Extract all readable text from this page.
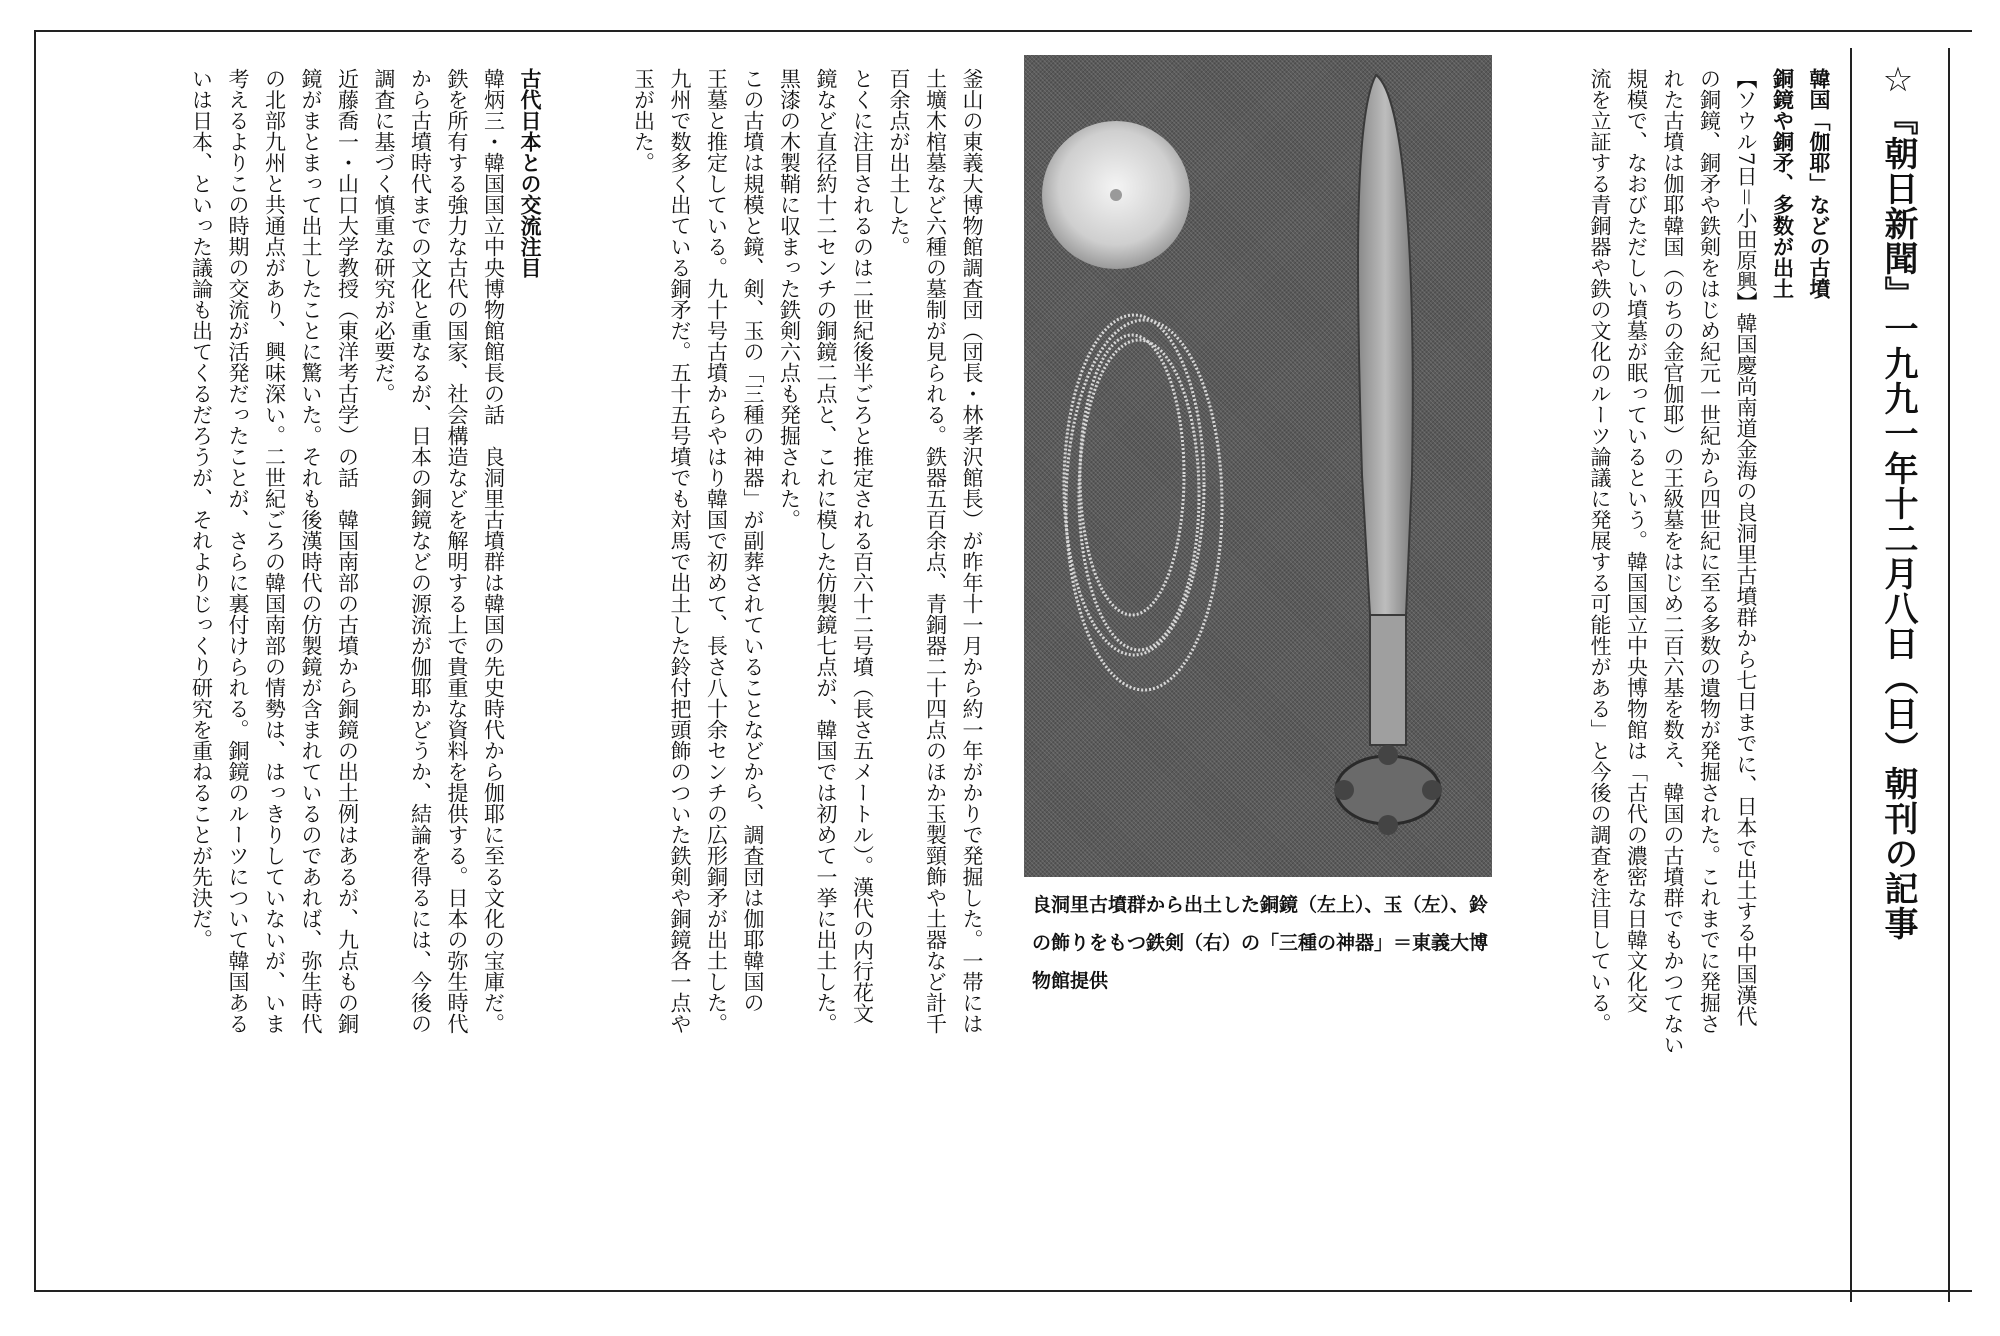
☆『朝日新聞』一九九一年十二月八日（日）朝刊の記事

韓国「伽耶」などの古墳

銅鏡や銅矛、多数が出土

【ソウル7日＝小田原興】韓国慶尚南道金海の良洞里古墳群から七日までに、日本で出土する中国漢代

の銅鏡、銅矛や鉄剣をはじめ紀元一世紀から四世紀に至る多数の遺物が発掘された。これまでに発掘さ

れた古墳は伽耶韓国（のちの金官伽耶）の王級墓をはじめ二百六基を数え、韓国の古墳群でもかつてない

規模で、なおびただしい墳墓が眠っているという。韓国国立中央博物館は「古代の濃密な日韓文化交

流を立証する青銅器や鉄の文化のルーツ論議に発展する可能性がある」と今後の調査を注目している。

良洞里古墳群から出土した銅鏡（左上）、玉（左）、鈴の飾りをもつ鉄剣（右）の「三種の神器」＝東義大博物館提供

釜山の東義大博物館調査団（団長・林孝沢館長）が昨年十一月から約一年がかりで発掘した。一帯には

土壙木棺墓など六種の墓制が見られる。鉄器五百余点、青銅器二十四点のほか玉製頸飾や土器など計千

百余点が出土した。

とくに注目されるのは二世紀後半ごろと推定される百六十二号墳（長さ五メートル）。漢代の内行花文

鏡など直径約十二センチの銅鏡二点と、これに模した仿製鏡七点が、韓国では初めて一挙に出土した。

黒漆の木製鞘に収まった鉄剣六点も発掘された。

この古墳は規模と鏡、剣、玉の「三種の神器」が副葬されていることなどから、調査団は伽耶韓国の

王墓と推定している。九十号古墳からやはり韓国で初めて、長さ八十余センチの広形銅矛が出土した。

九州で数多く出ている銅矛だ。五十五号墳でも対馬で出土した鈴付把頭飾のついた鉄剣や銅鏡各一点や

玉が出た。

古代日本との交流注目

韓炳三・韓国国立中央博物館館長の話　良洞里古墳群は韓国の先史時代から伽耶に至る文化の宝庫だ。

鉄を所有する強力な古代の国家、社会構造などを解明する上で貴重な資料を提供する。日本の弥生時代

から古墳時代までの文化と重なるが、日本の銅鏡などの源流が伽耶かどうか、結論を得るには、今後の

調査に基づく慎重な研究が必要だ。

近藤喬一・山口大学教授（東洋考古学）の話　韓国南部の古墳から銅鏡の出土例はあるが、九点もの銅

鏡がまとまって出土したことに驚いた。それも後漢時代の仿製鏡が含まれているのであれば、弥生時代

の北部九州と共通点があり、興味深い。二世紀ごろの韓国南部の情勢は、はっきりしていないが、いま

考えるよりこの時期の交流が活発だったことが、さらに裏付けられる。銅鏡のルーツについて韓国ある

いは日本、といった議論も出てくるだろうが、それよりじっくり研究を重ねることが先決だ。
